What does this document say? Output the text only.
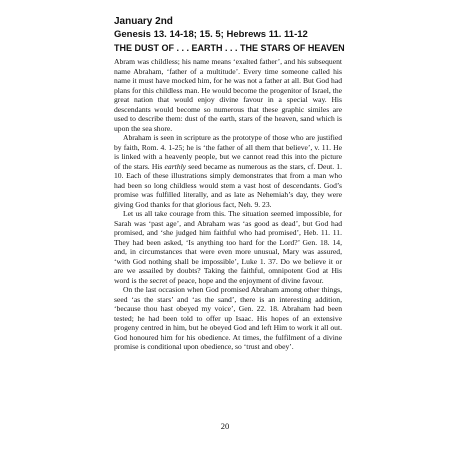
January 2nd

Genesis 13. 14-18; 15. 5; Hebrews 11. 11-12

THE DUST OF . . . EARTH . . . THE STARS OF HEAVEN

Abram was childless; his name means ‘exalted father’, and his subsequent name Abraham, ‘father of a multitude’. Every time someone called his name it must have mocked him, for he was not a father at all. But God had plans for this childless man. He would become the progenitor of Israel, the great nation that would enjoy divine favour in a special way. His descendants would become so numerous that these graphic similes are used to describe them: dust of the earth, stars of the heaven, sand which is upon the sea shore.

Abraham is seen in scripture as the prototype of those who are justified by faith, Rom. 4. 1-25; he is ‘the father of all them that believe’, v. 11. He is linked with a heavenly people, but we cannot read this into the picture of the stars. His earthly seed became as numerous as the stars, cf. Deut. 1. 10. Each of these illustrations simply demonstrates that from a man who had been so long childless would stem a vast host of descendants. God’s promise was fulfilled literally, and as late as Nehemiah’s day, they were giving God thanks for that glorious fact, Neh. 9. 23.

Let us all take courage from this. The situation seemed impossible, for Sarah was ‘past age’, and Abraham was ‘as good as dead’, but God had promised, and ‘she judged him faithful who had promised’, Heb. 11. 11. They had been asked, ‘Is anything too hard for the Lord?’ Gen. 18. 14, and, in circumstances that were even more unusual, Mary was assured, ‘with God nothing shall be impossible’, Luke 1. 37. Do we believe it or are we assailed by doubts? Taking the faithful, omnipotent God at His word is the secret of peace, hope and the enjoyment of divine favour.

On the last occasion when God promised Abraham among other things, seed ‘as the stars’ and ‘as the sand’, there is an interesting addition, ‘because thou hast obeyed my voice’, Gen. 22. 18. Abraham had been tested; he had been told to offer up Isaac. His hopes of an extensive progeny centred in him, but he obeyed God and left Him to work it all out. God honoured him for his obedience. At times, the fulfilment of a divine promise is conditional upon obedience, so ‘trust and obey’.

20
